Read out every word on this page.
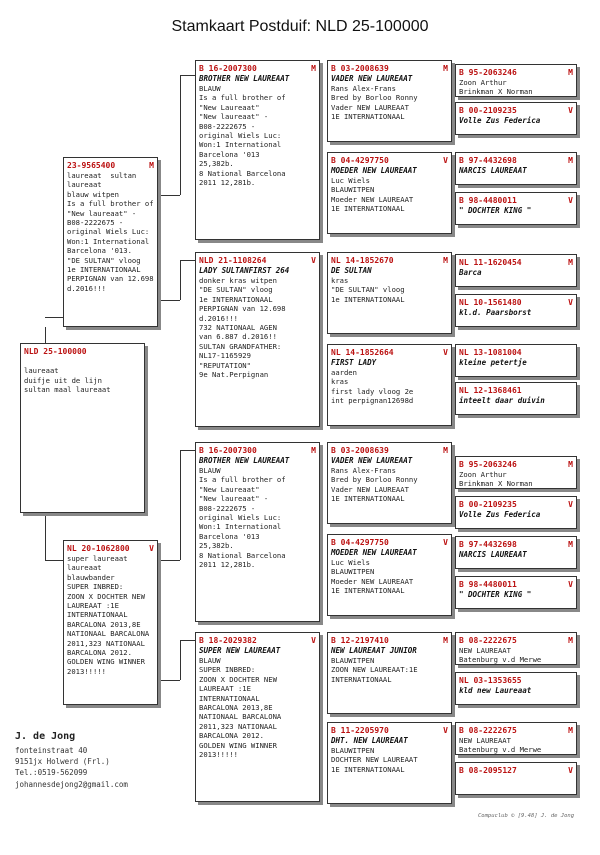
Stamkaart Postduif: NLD 25-100000
NLD 25-100000

laureaat
duifje uit de lijn
sultan maal laureaat
23-9565400	M
laureaat  sultan
laureaat
blauw witpen
Is a full brother of
"New laureaat" -
B08-2222675 -
original Wiels Luc:
Won:1 International
Barcelona '013.
"DE SULTAN" vloog
1e INTERNATIONAAL
PERPIGNAN van 12.698
d.2016!!!
NL 20-1062800 V
super laureaat
laureaat
blauwbander
SUPER INBRED:
ZOON X DOCHTER NEW
LAUREAAT :1E
INTERNATIONAAL
BARCALONA 2013,8E
NATIONAAL BARCALONA
2011,323 NATIONAAL
BARCALONA 2012.
GOLDEN WING WINNER
2013!!!!!
B 16-2007300	M
BROTHER NEW LAUREAAT
BLAUW
Is a full brother of
"New Laureaat"
"New laureaat" -
B08-2222675 -
original Wiels Luc:
Won:1 International
Barcelona '013
25,382b.
8 National Barcelona
2011 12,281b.
NLD 21-1108264	V
LADY SULTANFIRST 264
donker kras witpen
"DE SULTAN" vloog
1e INTERNATIONAAL
PERPIGNAN van 12.698
d.2016!!!
732 NATIONAAL AGEN
van 6.887 d.2016!!
SULTAN GRANDFATHER:
NL17-1165929
"REPUTATION"
9e Nat.Perpignan
B 16-2007300	M
BROTHER NEW LAUREAAT
BLAUW
Is a full brother of
"New Laureaat"
"New laureaat" -
B08-2222675 -
original Wiels Luc:
Won:1 International
Barcelona '013
25,382b.
8 National Barcelona
2011 12,281b.
B 18-2029382	V
SUPER NEW LAUREAAT
BLAUW
SUPER INBRED:
ZOON X DOCHTER NEW
LAUREAAT :1E
INTERNATIONAAL
BARCALONA 2013,8E
NATIONAAL BARCALONA
2011,323 NATIONAAL
BARCALONA 2012.
GOLDEN WING WINNER
2013!!!!!
B 03-2008639	M
VADER NEW LAUREAAT
Rans Alex-Frans
Bred by Borloo Ronny
Vader NEW LAUREAAT
1E INTERNATIONAAL
B 04-4297750	V
MOEDER NEW LAUREAAT
Luc Wiels
BLAUWITPEN
Moeder NEW LAUREAAT
1E INTERNATIONAAL
NL 14-1852670	M
DE SULTAN
kras
"DE SULTAN" vloog
1e INTERNATIONAAL
NL 14-1852664	V
FIRST LADY
aarden
kras
first lady vloog 2e
int perpignan12698d
B 03-2008639	M
VADER NEW LAUREAAT
Rans Alex-Frans
Bred by Borloo Ronny
Vader NEW LAUREAAT
1E INTERNATIONAAL
B 04-4297750	V
MOEDER NEW LAUREAAT
Luc Wiels
BLAUWITPEN
Moeder NEW LAUREAAT
1E INTERNATIONAAL
B 12-2197410	M
NEW LAUREAAT JUNIOR
BLAUWITPEN
ZOON NEW LAUREAAT:1E
INTERNATIONAAL
B 11-2205970	V
DHT. NEW LAUREAAT
BLAUWITPEN
DOCHTER NEW LAUREAAT
1E INTERNATIONAAL
B 95-2063246	M
Zoon Arthur
Brinkman X Norman
B 00-2109235	V
Volle Zus Federica
B 97-4432698	M
NARCIS LAUREAAT
B 98-4480011	V
" DOCHTER KING "
NL 11-1620454	M
Barca
NL 10-1561480	V
kl.d. Paarsborst
NL 13-1081004
kleine petertje
NL 12-1368461
inteelt daar duivin
B 95-2063246	M
Zoon Arthur
Brinkman X Norman
B 00-2109235	V
Volle Zus Federica
B 97-4432698	M
NARCIS LAUREAAT
B 98-4480011	V
" DOCHTER KING "
B 08-2222675	M
NEW LAUREAAT
Batenburg v.d Merwe
NL 03-1353655
kld new Laureaat
B 08-2222675	M
NEW LAUREAAT
Batenburg v.d Merwe
B 08-2095127	V
J. de Jong
fonteinstraat 40
9151jx Holwerd (Frl.)
Tel.:0519-562099
johannesdejong2@gmail.com
Compuclub © [9.48] J. de Jong
